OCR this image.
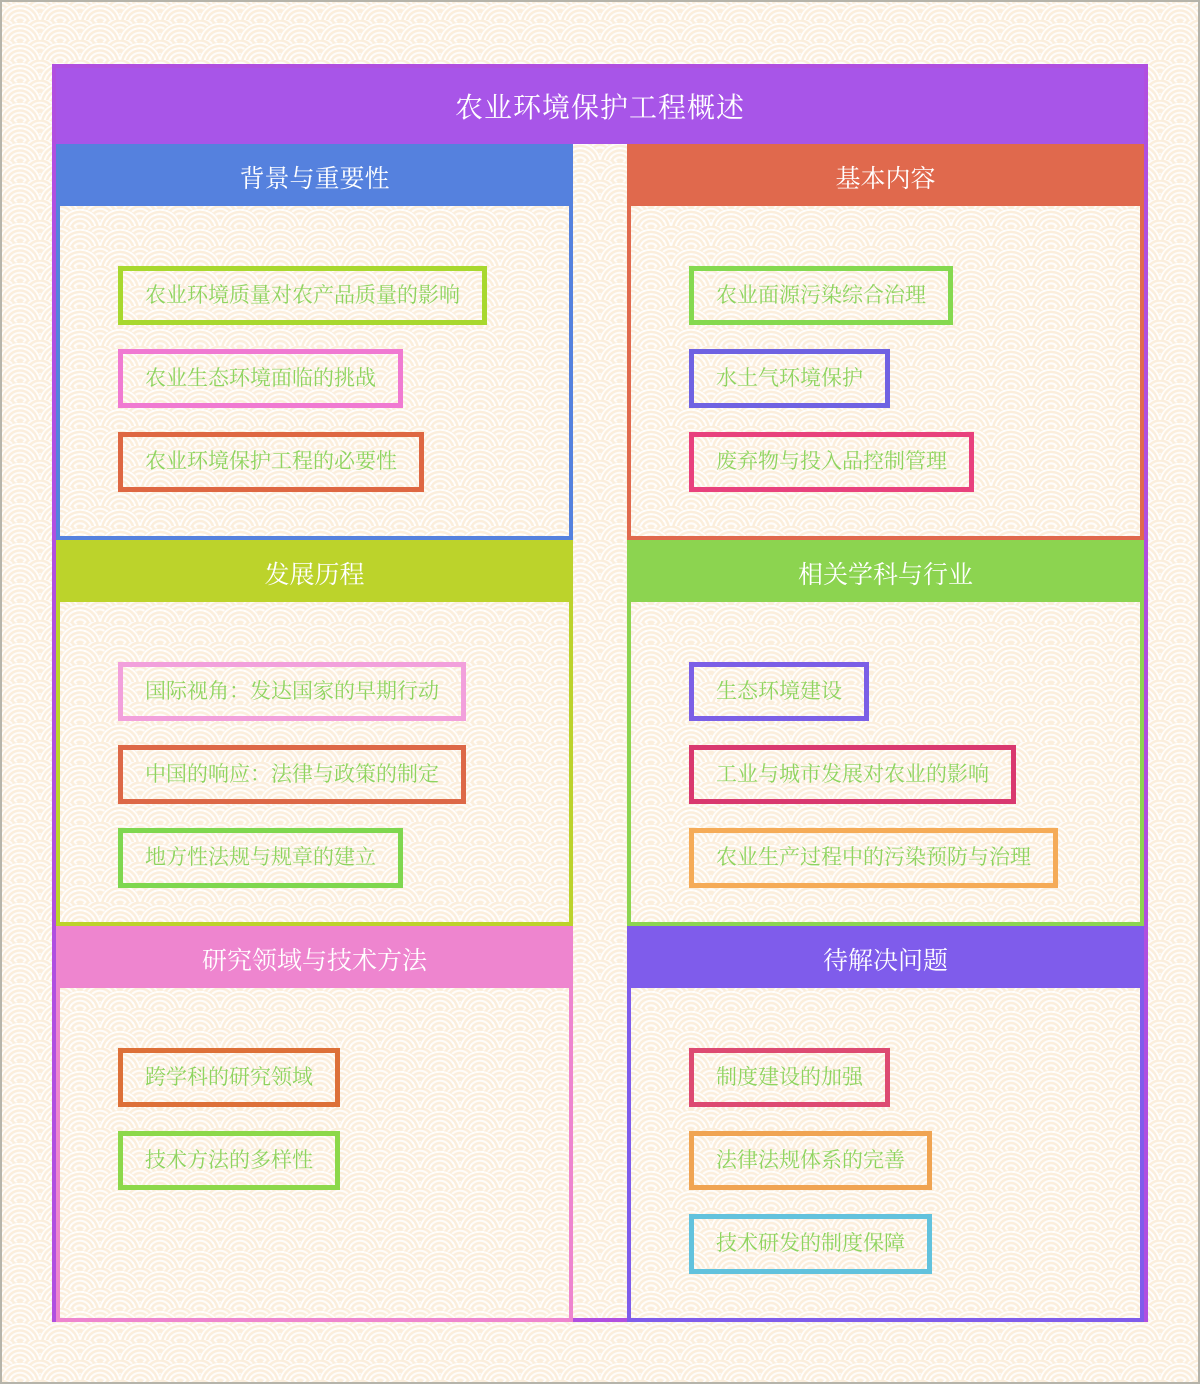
农业环境保护工程概述
背景与重要性
农业环境质量对农产品质量的影响
农业生态环境面临的挑战
农业环境保护工程的必要性
发展历程
国际视角：发达国家的早期行动
中国的响应：法律与政策的制定
地方性法规与规章的建立
研究领域与技术方法
跨学科的研究领域
技术方法的多样性
基本内容
农业面源污染综合治理
水土气环境保护
废弃物与投入品控制管理
相关学科与行业
生态环境建设
工业与城市发展对农业的影响
农业生产过程中的污染预防与治理
待解决问题
制度建设的加强
法律法规体系的完善
技术研发的制度保障
